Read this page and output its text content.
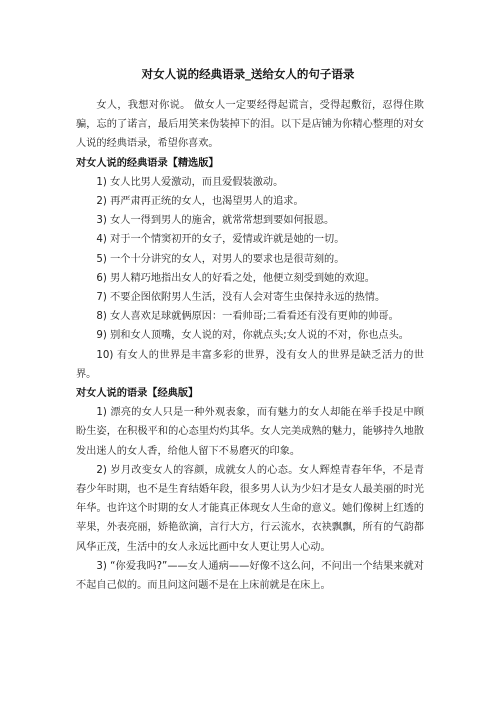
对女人说的经典语录_送给女人的句子语录

女人，我想对你说。 做女人一定要经得起谎言，受得起敷衍，忍得住欺骗，忘的了诺言，最后用笑来伪装掉下的泪。以下是店铺为你精心整理的对女人说的经典语录，希望你喜欢。

对女人说的经典语录【精选版】

1) 女人比男人爱激动，而且爱假装激动。

2) 再严肃再正统的女人，也渴望男人的追求。

3) 女人一得到男人的施舍，就常常想到要如何报恩。

4) 对于一个情窦初开的女子，爱情或许就是她的一切。

5) 一个十分讲究的女人，对男人的要求也是很苛刻的。

6) 男人精巧地指出女人的好看之处，他便立刻受到她的欢迎。

7) 不要企图依附男人生活，没有人会对寄生虫保持永远的热情。

8) 女人喜欢足球就俩原因：一看帅哥;二看看还有没有更帅的帅哥。

9) 别和女人顶嘴，女人说的对，你就点头;女人说的不对，你也点头。

10) 有女人的世界是丰富多彩的世界，没有女人的世界是缺乏活力的世界。

对女人说的语录【经典版】

1) 漂亮的女人只是一种外观表象，而有魅力的女人却能在举手投足中顾盼生姿，在积极平和的心态里灼灼其华。女人完美成熟的魅力，能够持久地散发出迷人的女人香，给他人留下不易磨灭的印象。

2) 岁月改变女人的容颜，成就女人的心态。女人辉煌青春年华，不是青春少年时期，也不是生育结婚年段，很多男人认为少妇才是女人最美丽的时光年华。也许这个时期的女人才能真正体现女人生命的意义。她们像树上红透的苹果，外表亮丽，娇艳欲滴，言行大方，行云流水，衣袂飘飘，所有的气韵都风华正茂，生活中的女人永远比画中女人更让男人心动。

3) “你爱我吗?”——女人通病——好像不这么问，不问出一个结果来就对不起自己似的。而且问这问题不是在上床前就是在床上。
